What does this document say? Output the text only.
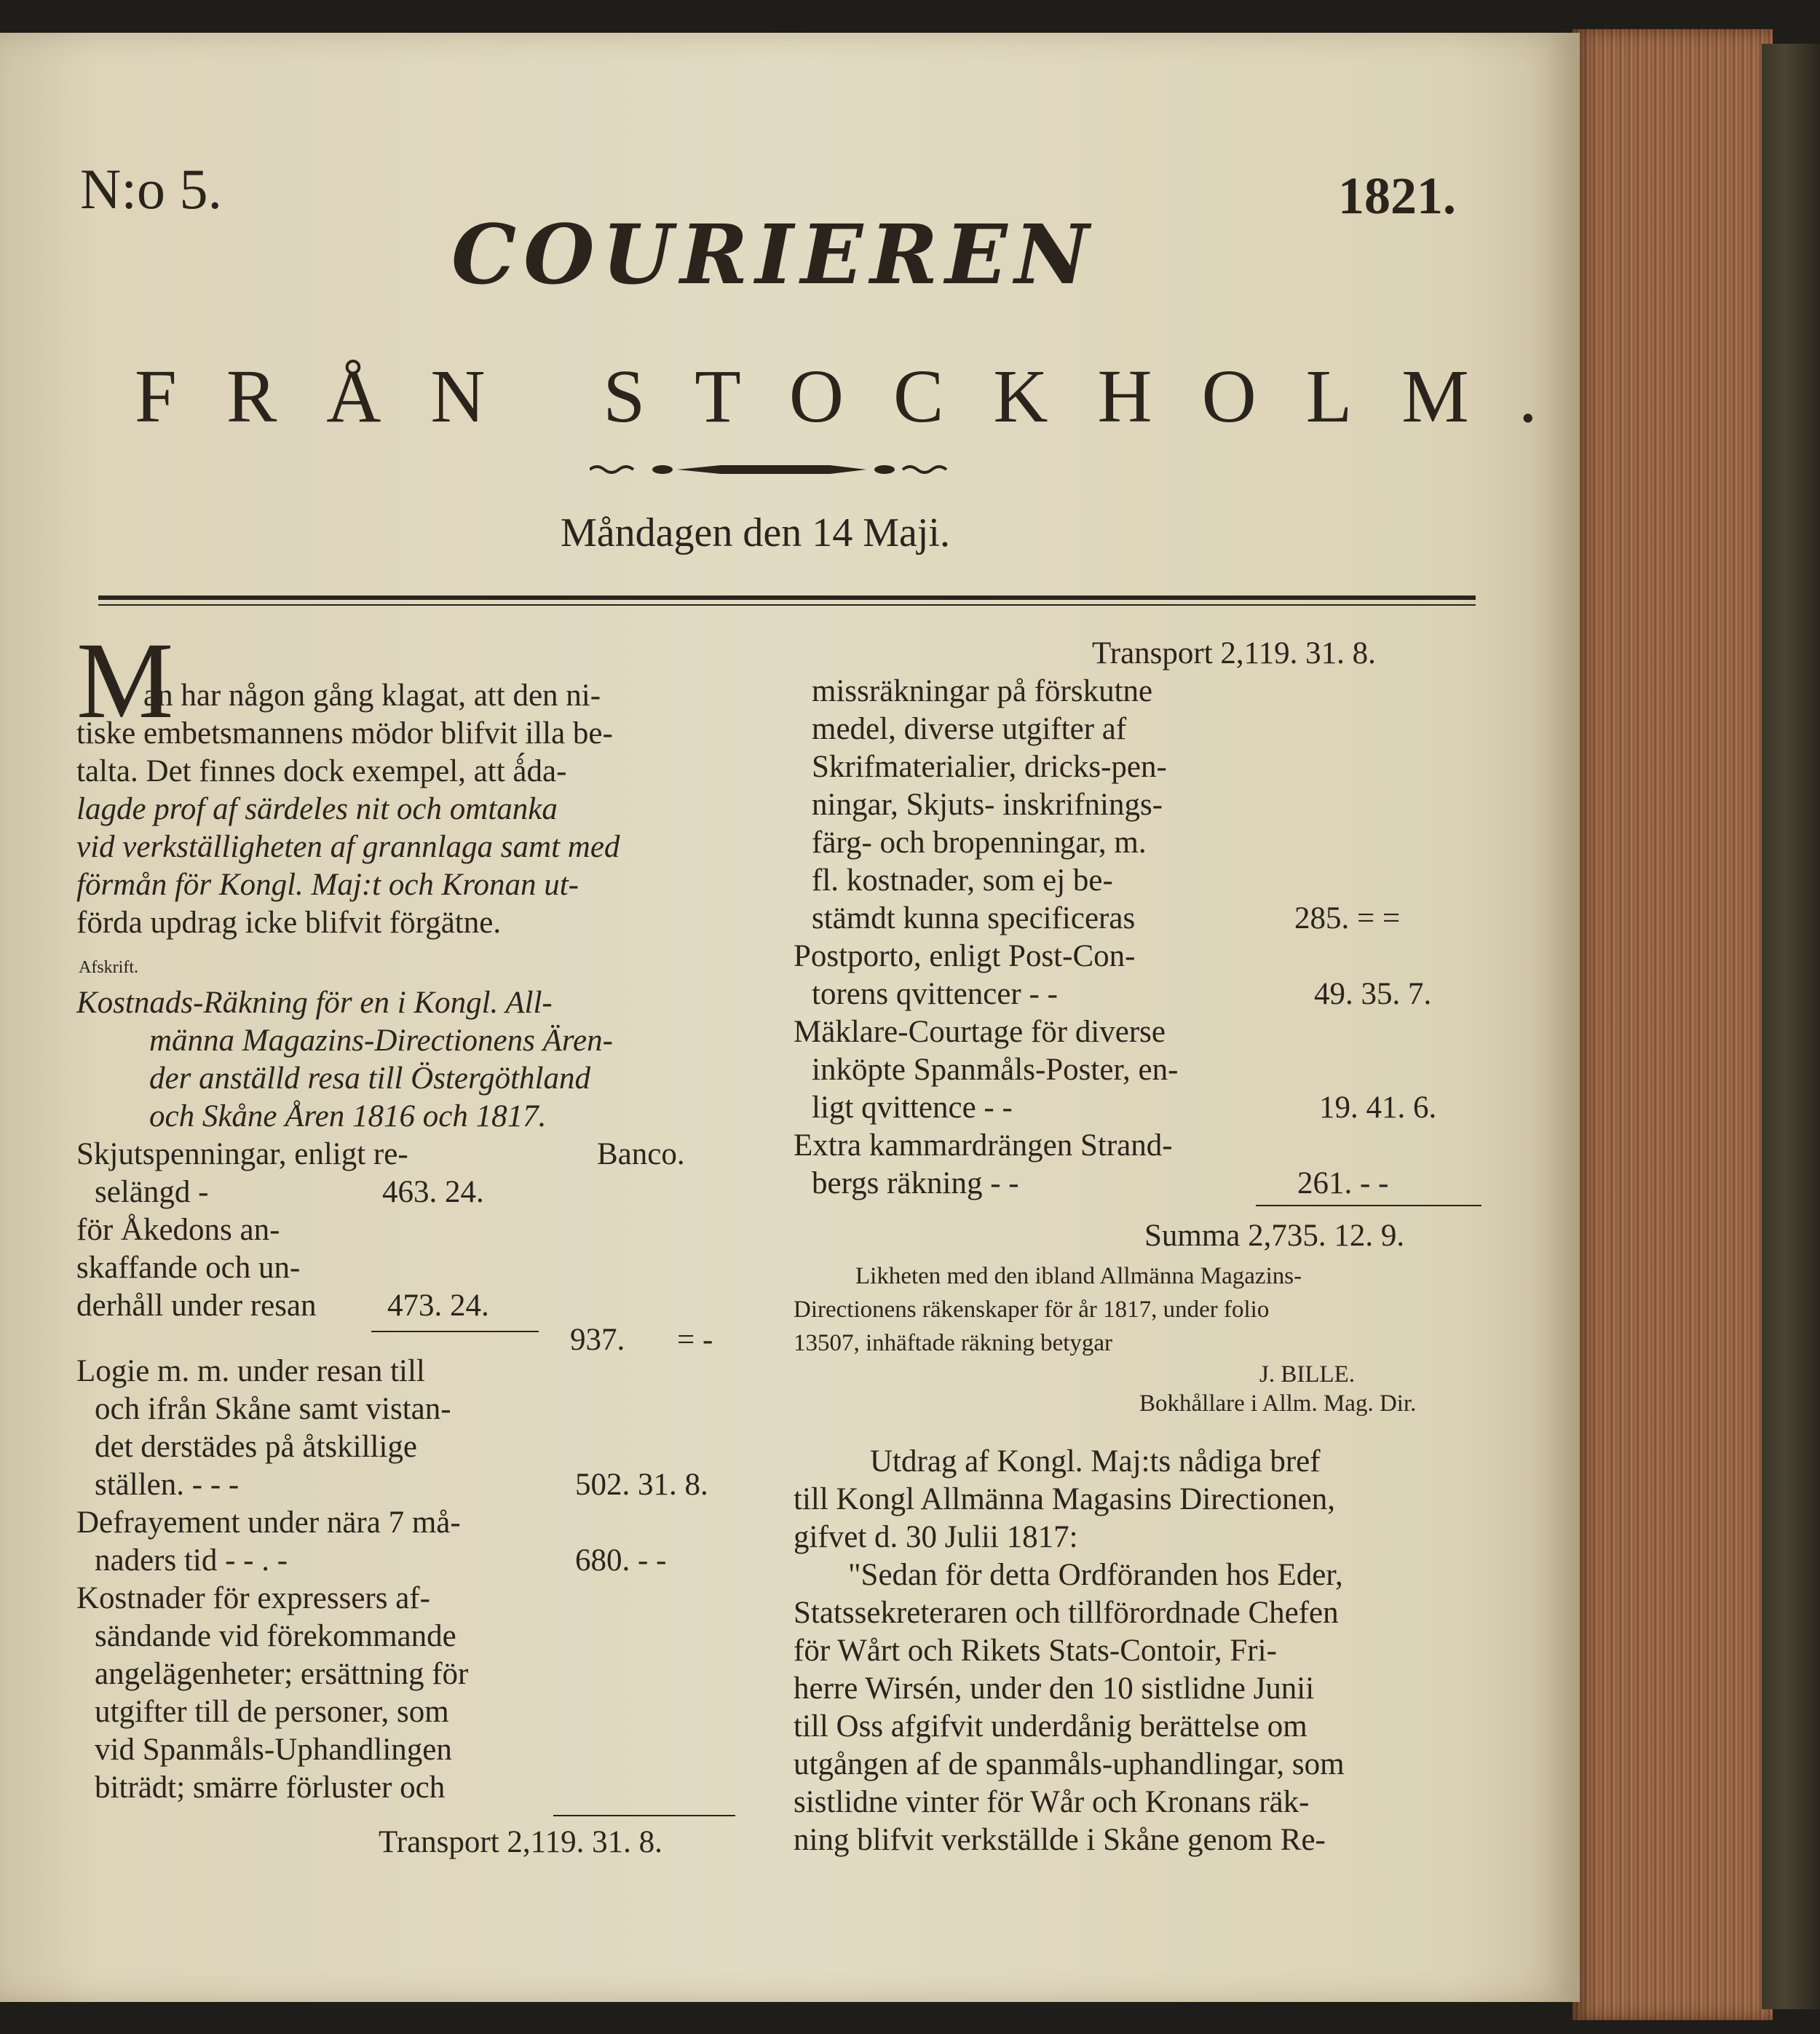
N:o 5.	1821.
COURIEREN
FRÅN STOCKHOLM.
Måndagen den 14 Maji.
M
an har någon gång klagat, att den ni-
tiske embetsmannens mödor blifvit illa be-
talta. Det finnes dock exempel, att ǻda-
lagde prof af särdeles nit och omtanka
vid verkställigheten af grannlaga samt med
förmån för Kongl. Maj:t och Kronan ut-
förda updrag icke blifvit förgätne.
Afskrift.
Kostnads-Räkning för en i Kongl. All-
männa Magazins-Directionens Ären-
der anställd resa till Östergöthland
och Skåne Åren 1816 och 1817.
Skjutspenningar, enligt re-	Banco.
selängd -	463. 24.
för Åkedons an-
skaffande och un-
derhåll under resan 473. 24.
937. = -
Logie m. m. under resan till
och ifrån Skåne samt vistan-
det derstädes på åtskillige
ställen. - - -	502. 31. 8.
Defrayement under nära 7 må-
naders tid - - . -	680. - -
Kostnader för expressers af-
sändande vid förekommande
angelägenheter; ersättning för
utgifter till de personer, som
vid Spanmåls-Uphandlingen
biträdt; smärre förluster och
Transport 2,119. 31. 8.
Transport 2,119. 31. 8.
missräkningar på förskutne
medel, diverse utgifter af
Skrifmaterialier, dricks-pen-
ningar, Skjuts- inskrifnings-
färg- och bropenningar, m.
fl. kostnader, som ej be-
stämdt kunna specificeras	285. = =
Postporto, enligt Post-Con-
torens qvittencer - -	49. 35. 7.
Mäklare-Courtage för diverse
inköpte Spanmåls-Poster, en-
ligt qvittence - -	19. 41. 6.
Extra kammardrängen Strand-
bergs räkning - -	261. - -
Summa 2,735. 12. 9.
Likheten med den ibland Allmänna Magazins-
Directionens räkenskaper för år 1817, under folio
13507, inhäftade räkning betygar
J. BILLE.
Bokhållare i Allm. Mag. Dir.
Utdrag af Kongl. Maj:ts nådiga bref
till Kongl Allmänna Magasins Directionen,
gifvet d. 30 Julii 1817:
"Sedan för detta Ordföranden hos Eder,
Statssekreteraren och tillförordnade Chefen
för Wårt och Rikets Stats-Contoir, Fri-
herre Wirsén, under den 10 sistlidne Junii
till Oss afgifvit underdånig berättelse om
utgången af de spanmåls-uphandlingar, som
sistlidne vinter för Wår och Kronans räk-
ning blifvit verkställde i Skåne genom Re-
